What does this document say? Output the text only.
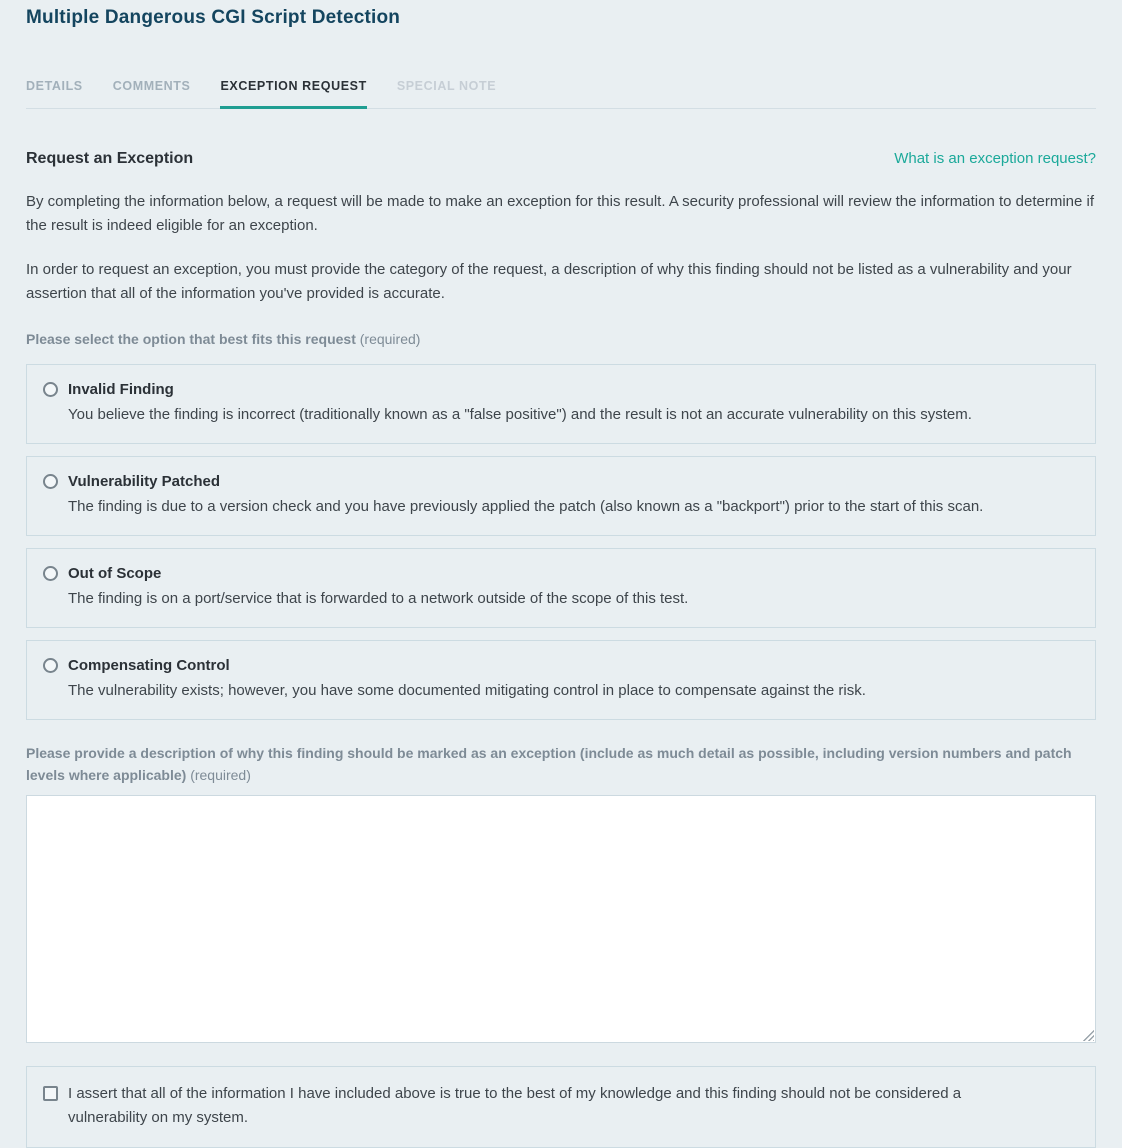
Multiple Dangerous CGI Script Detection
DETAILS COMMENTS EXCEPTION REQUEST SPECIAL NOTE
Request an Exception	What is an exception request?

By completing the information below, a request will be made to make an exception for this result. A security professional will review the information to determine if the result is indeed eligible for an exception.

In order to request an exception, you must provide the category of the request, a description of why this finding should not be listed as a vulnerability and your assertion that all of the information you've provided is accurate.

Please select the option that best fits this request (required)
Invalid Finding
You believe the finding is incorrect (traditionally known as a "false positive") and the result is not an accurate vulnerability on this system.
Vulnerability Patched
The finding is due to a version check and you have previously applied the patch (also known as a "backport") prior to the start of this scan.
Out of Scope
The finding is on a port/service that is forwarded to a network outside of the scope of this test.
Compensating Control
The vulnerability exists; however, you have some documented mitigating control in place to compensate against the risk.
Please provide a description of why this finding should be marked as an exception (include as much detail as possible, including version numbers and patch levels where applicable) (required)
I assert that all of the information I have included above is true to the best of my knowledge and this finding should not be considered a vulnerability on my system.
